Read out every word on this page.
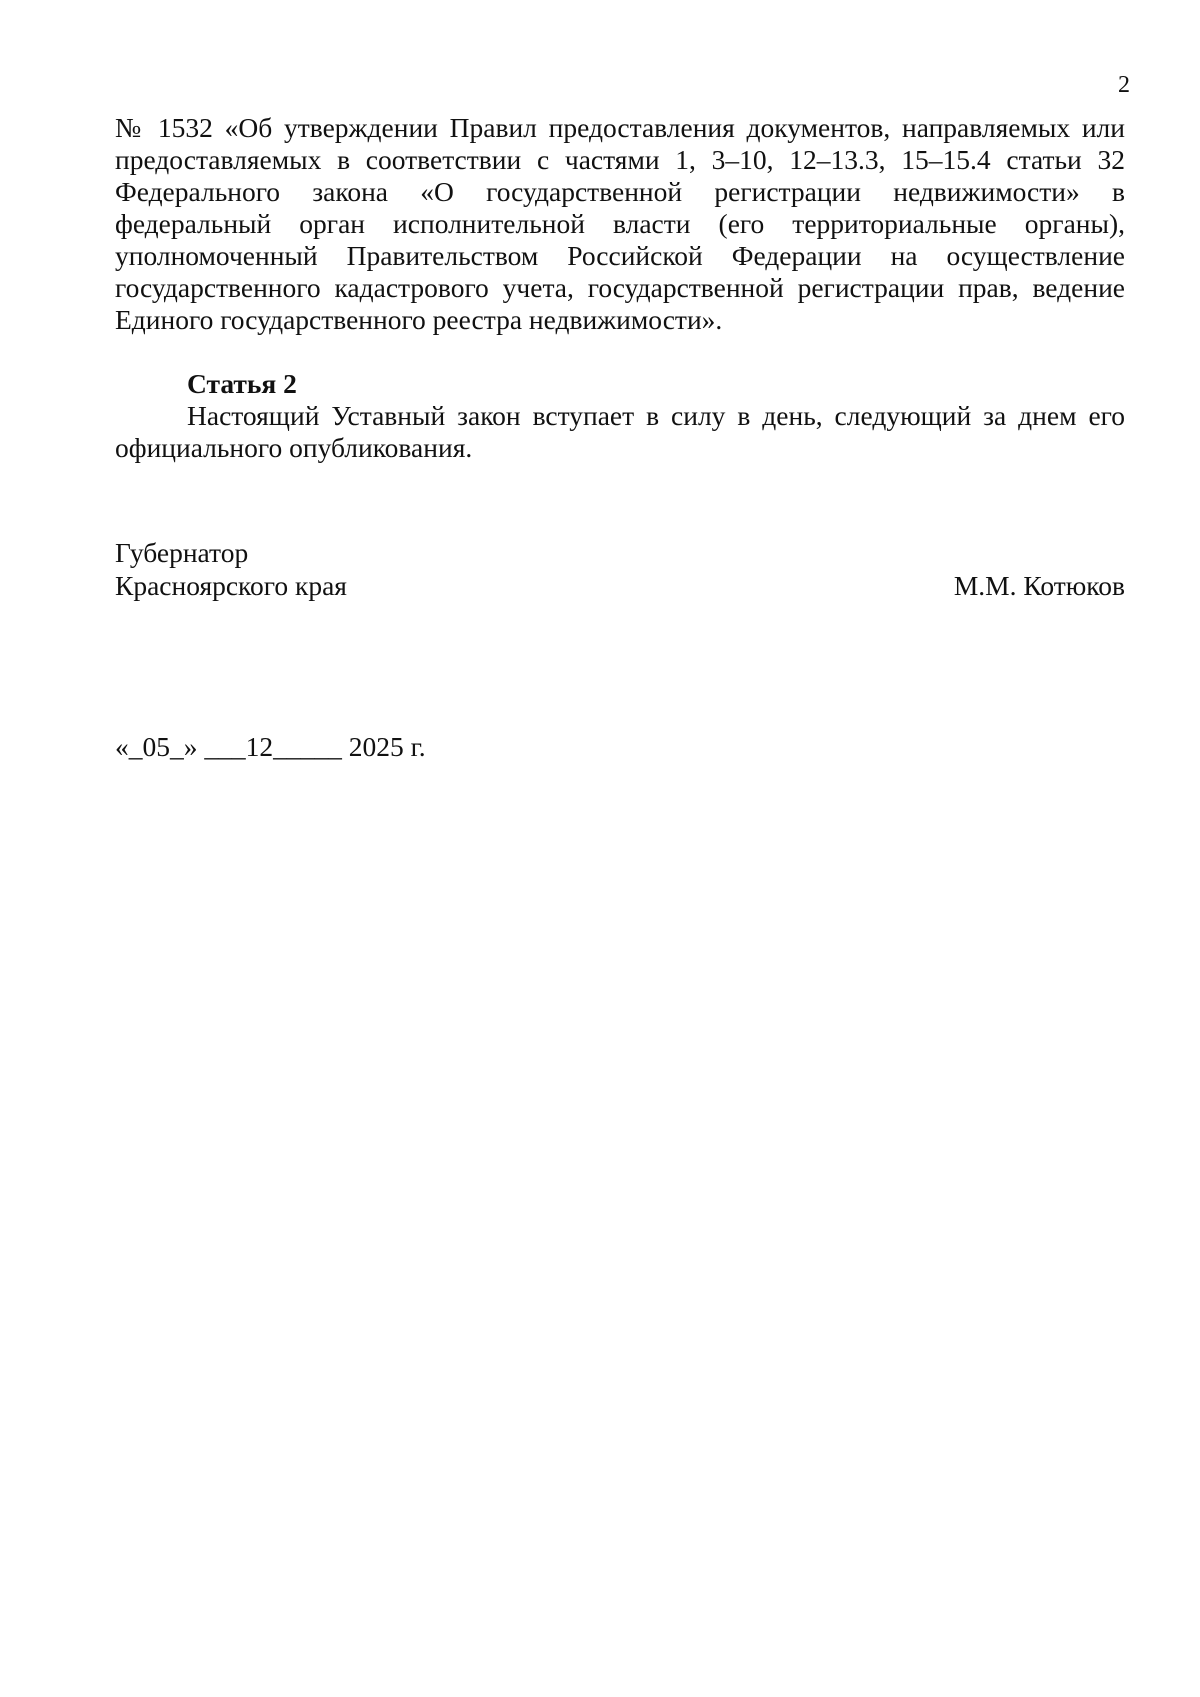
2

№ 1532 «Об утверждении Правил предоставления документов, направляемых или предоставляемых в соответствии с частями 1, 3–10, 12–13.3, 15–15.4 статьи 32 Федерального закона «О государственной регистрации недвижимости» в федеральный орган исполнительной власти (его территориальные органы), уполномоченный Правительством Российской Федерации на осуществление государственного кадастрового учета, государственной регистрации прав, ведение Единого государственного реестра недвижимости».

Статья 2

Настоящий Уставный закон вступает в силу в день, следующий за днем его официального опубликования.

Губернатор
Красноярского края	М.М. Котюков
«_05_» ___12_____ 2025 г.
